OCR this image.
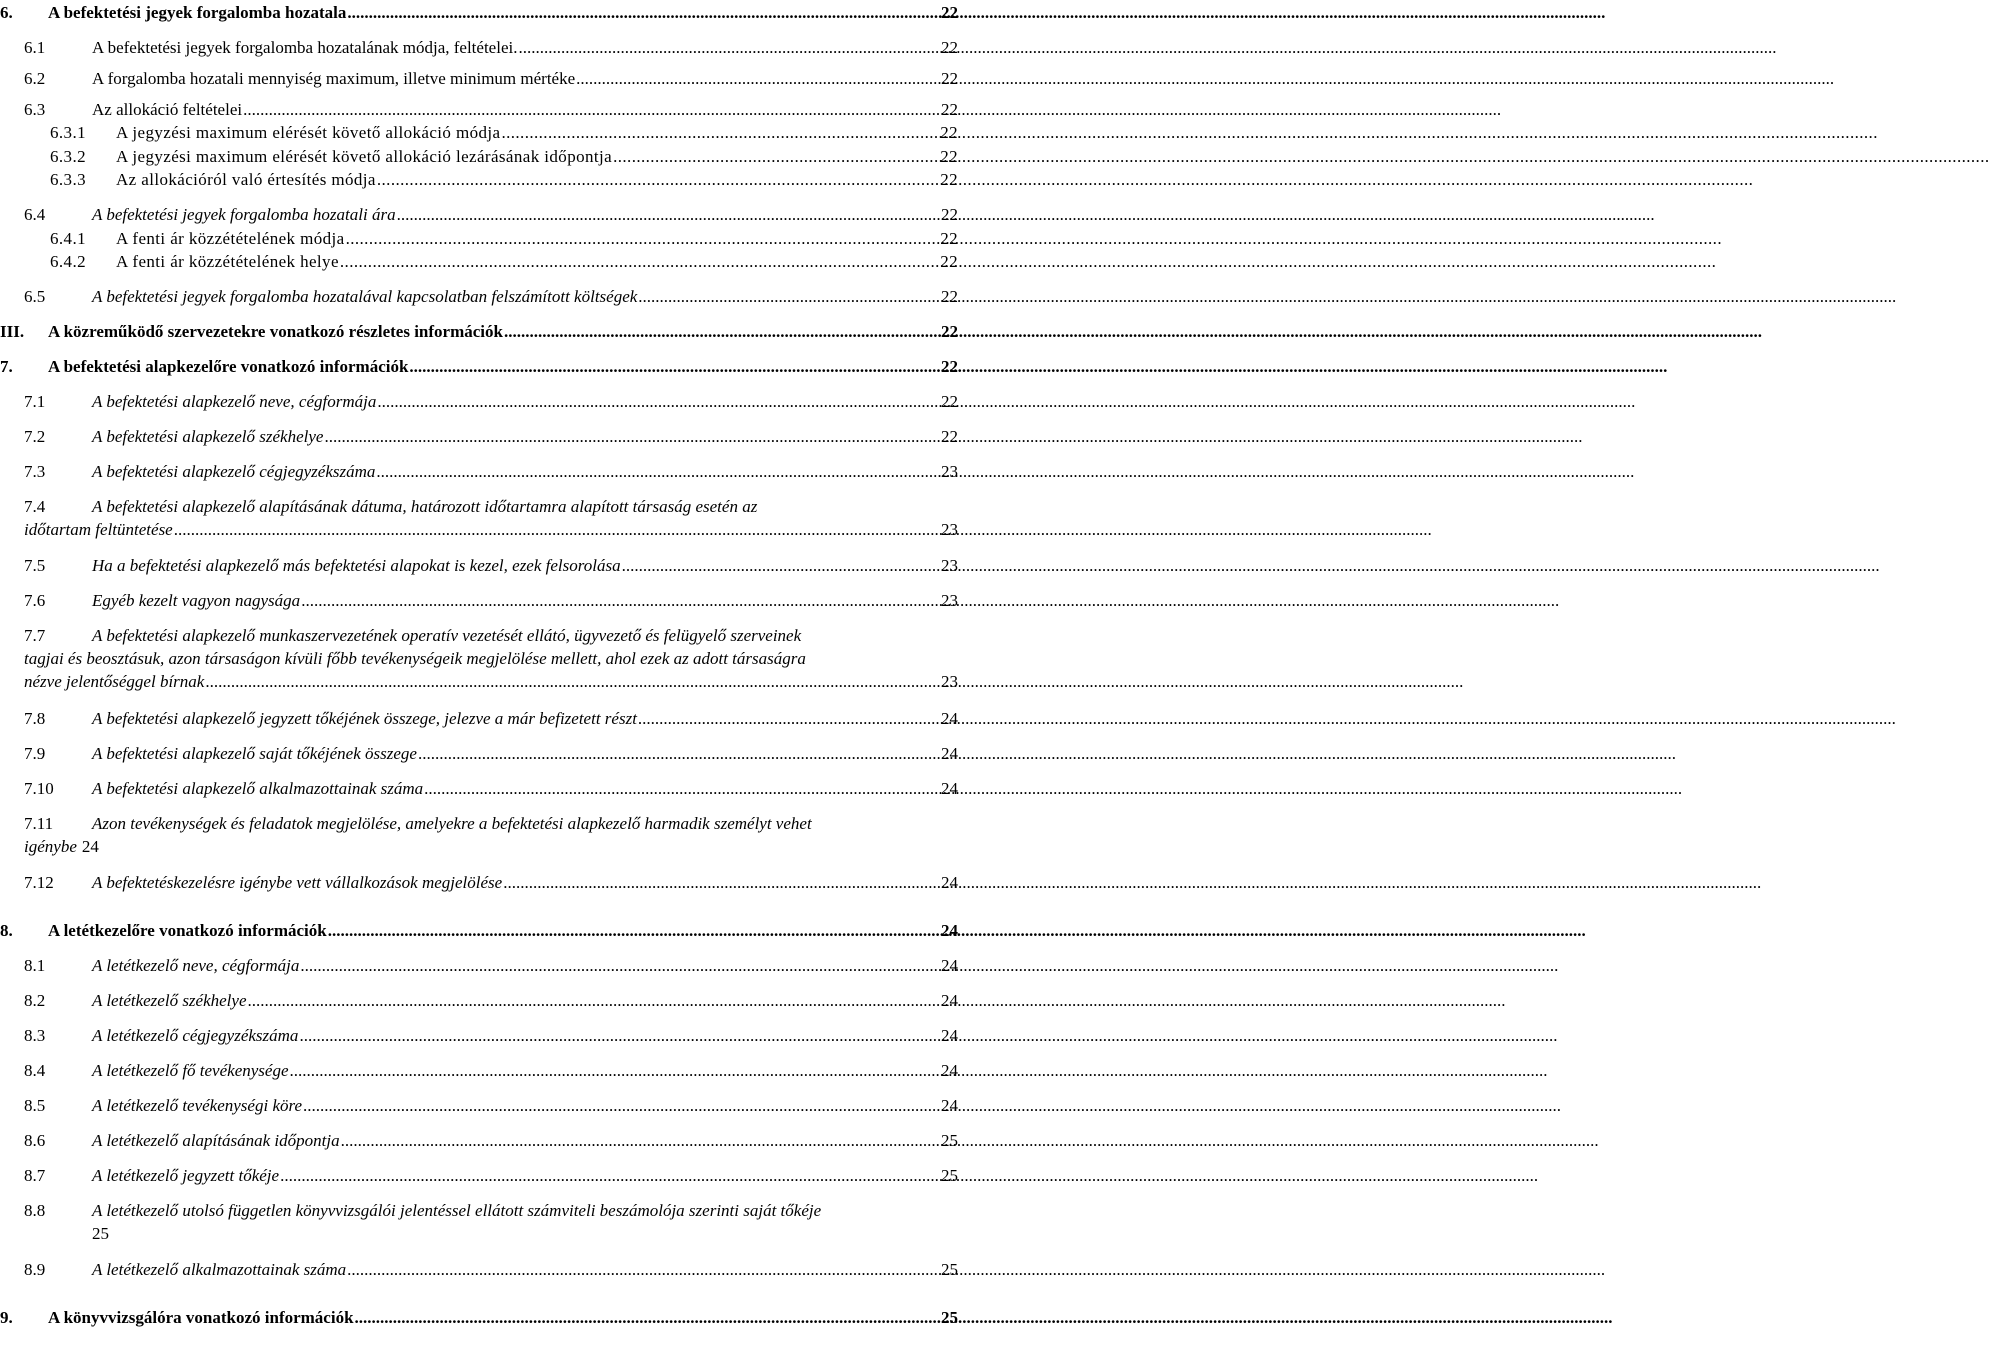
6.	A befektetési jegyek forgalomba hozatala .....	22
6.1	A befektetési jegyek forgalomba hozatalának módja, feltételei. .....	22
6.2	A forgalomba hozatali mennyiség maximum, illetve minimum mértéke .....	22
6.3	Az allokáció feltételei .....	22
6.3.1	A jegyzési maximum elérését követő allokáció módja .....	22
6.3.2	A jegyzési maximum elérését követő allokáció lezárásának időpontja .....	22
6.3.3	Az allokációról való értesítés módja .....	22
6.4	A befektetési jegyek forgalomba hozatali ára .....	22
6.4.1	A fenti ár közzétételének módja .....	22
6.4.2	A fenti ár közzétételének helye .....	22
6.5	A befektetési jegyek forgalomba hozatalával kapcsolatban felszámított költségek .....	22
III.	A közreműködő szervezetekre vonatkozó részletes információk .....	22
7.	A befektetési alapkezelőre vonatkozó információk .....	22
7.1	A befektetési alapkezelő neve, cégformája .....	22
7.2	A befektetési alapkezelő székhelye .....	22
7.3	A befektetési alapkezelő cégjegyzékszáma .....	23
7.4	A befektetési alapkezelő alapításának dátuma, határozott időtartamra alapított társaság esetén az
időtartam feltüntetése .....	23
7.5	Ha a befektetési alapkezelő más befektetési alapokat is kezel, ezek felsorolása .....	23
7.6	Egyéb kezelt vagyon nagysága .....	23
7.7	A befektetési alapkezelő munkaszervezetének operatív vezetését ellátó, ügyvezető és felügyelő szerveinek
tagjai és beosztásuk, azon társaságon kívüli főbb tevékenységeik megjelölése mellett, ahol ezek az adott társaságra
nézve jelentőséggel bírnak .....	23
7.8	A befektetési alapkezelő jegyzett tőkéjének összege, jelezve a már befizetett részt .....	24
7.9	A befektetési alapkezelő saját tőkéjének összege .....	24
7.10	A befektetési alapkezelő alkalmazottainak száma .....	24
7.11	Azon tevékenységek és feladatok megjelölése, amelyekre a befektetési alapkezelő harmadik személyt vehet
igénybe 24
7.12	A befektetéskezelésre igénybe vett vállalkozások megjelölése .....	24
8.	A letétkezelőre vonatkozó információk .....	24
8.1	A letétkezelő neve, cégformája .....	24
8.2	A letétkezelő székhelye .....	24
8.3	A letétkezelő cégjegyzékszáma .....	24
8.4	A letétkezelő fő tevékenysége .....	24
8.5	A letétkezelő tevékenységi köre .....	24
8.6	A letétkezelő alapításának időpontja .....	25
8.7	A letétkezelő jegyzett tőkéje .....	25
8.8	A letétkezelő utolsó független könyvvizsgálói jelentéssel ellátott számviteli beszámolója szerinti saját tőkéje
25
8.9	A letétkezelő alkalmazottainak száma .....	25
9.	A könyvvizsgálóra vonatkozó információk .....	25
